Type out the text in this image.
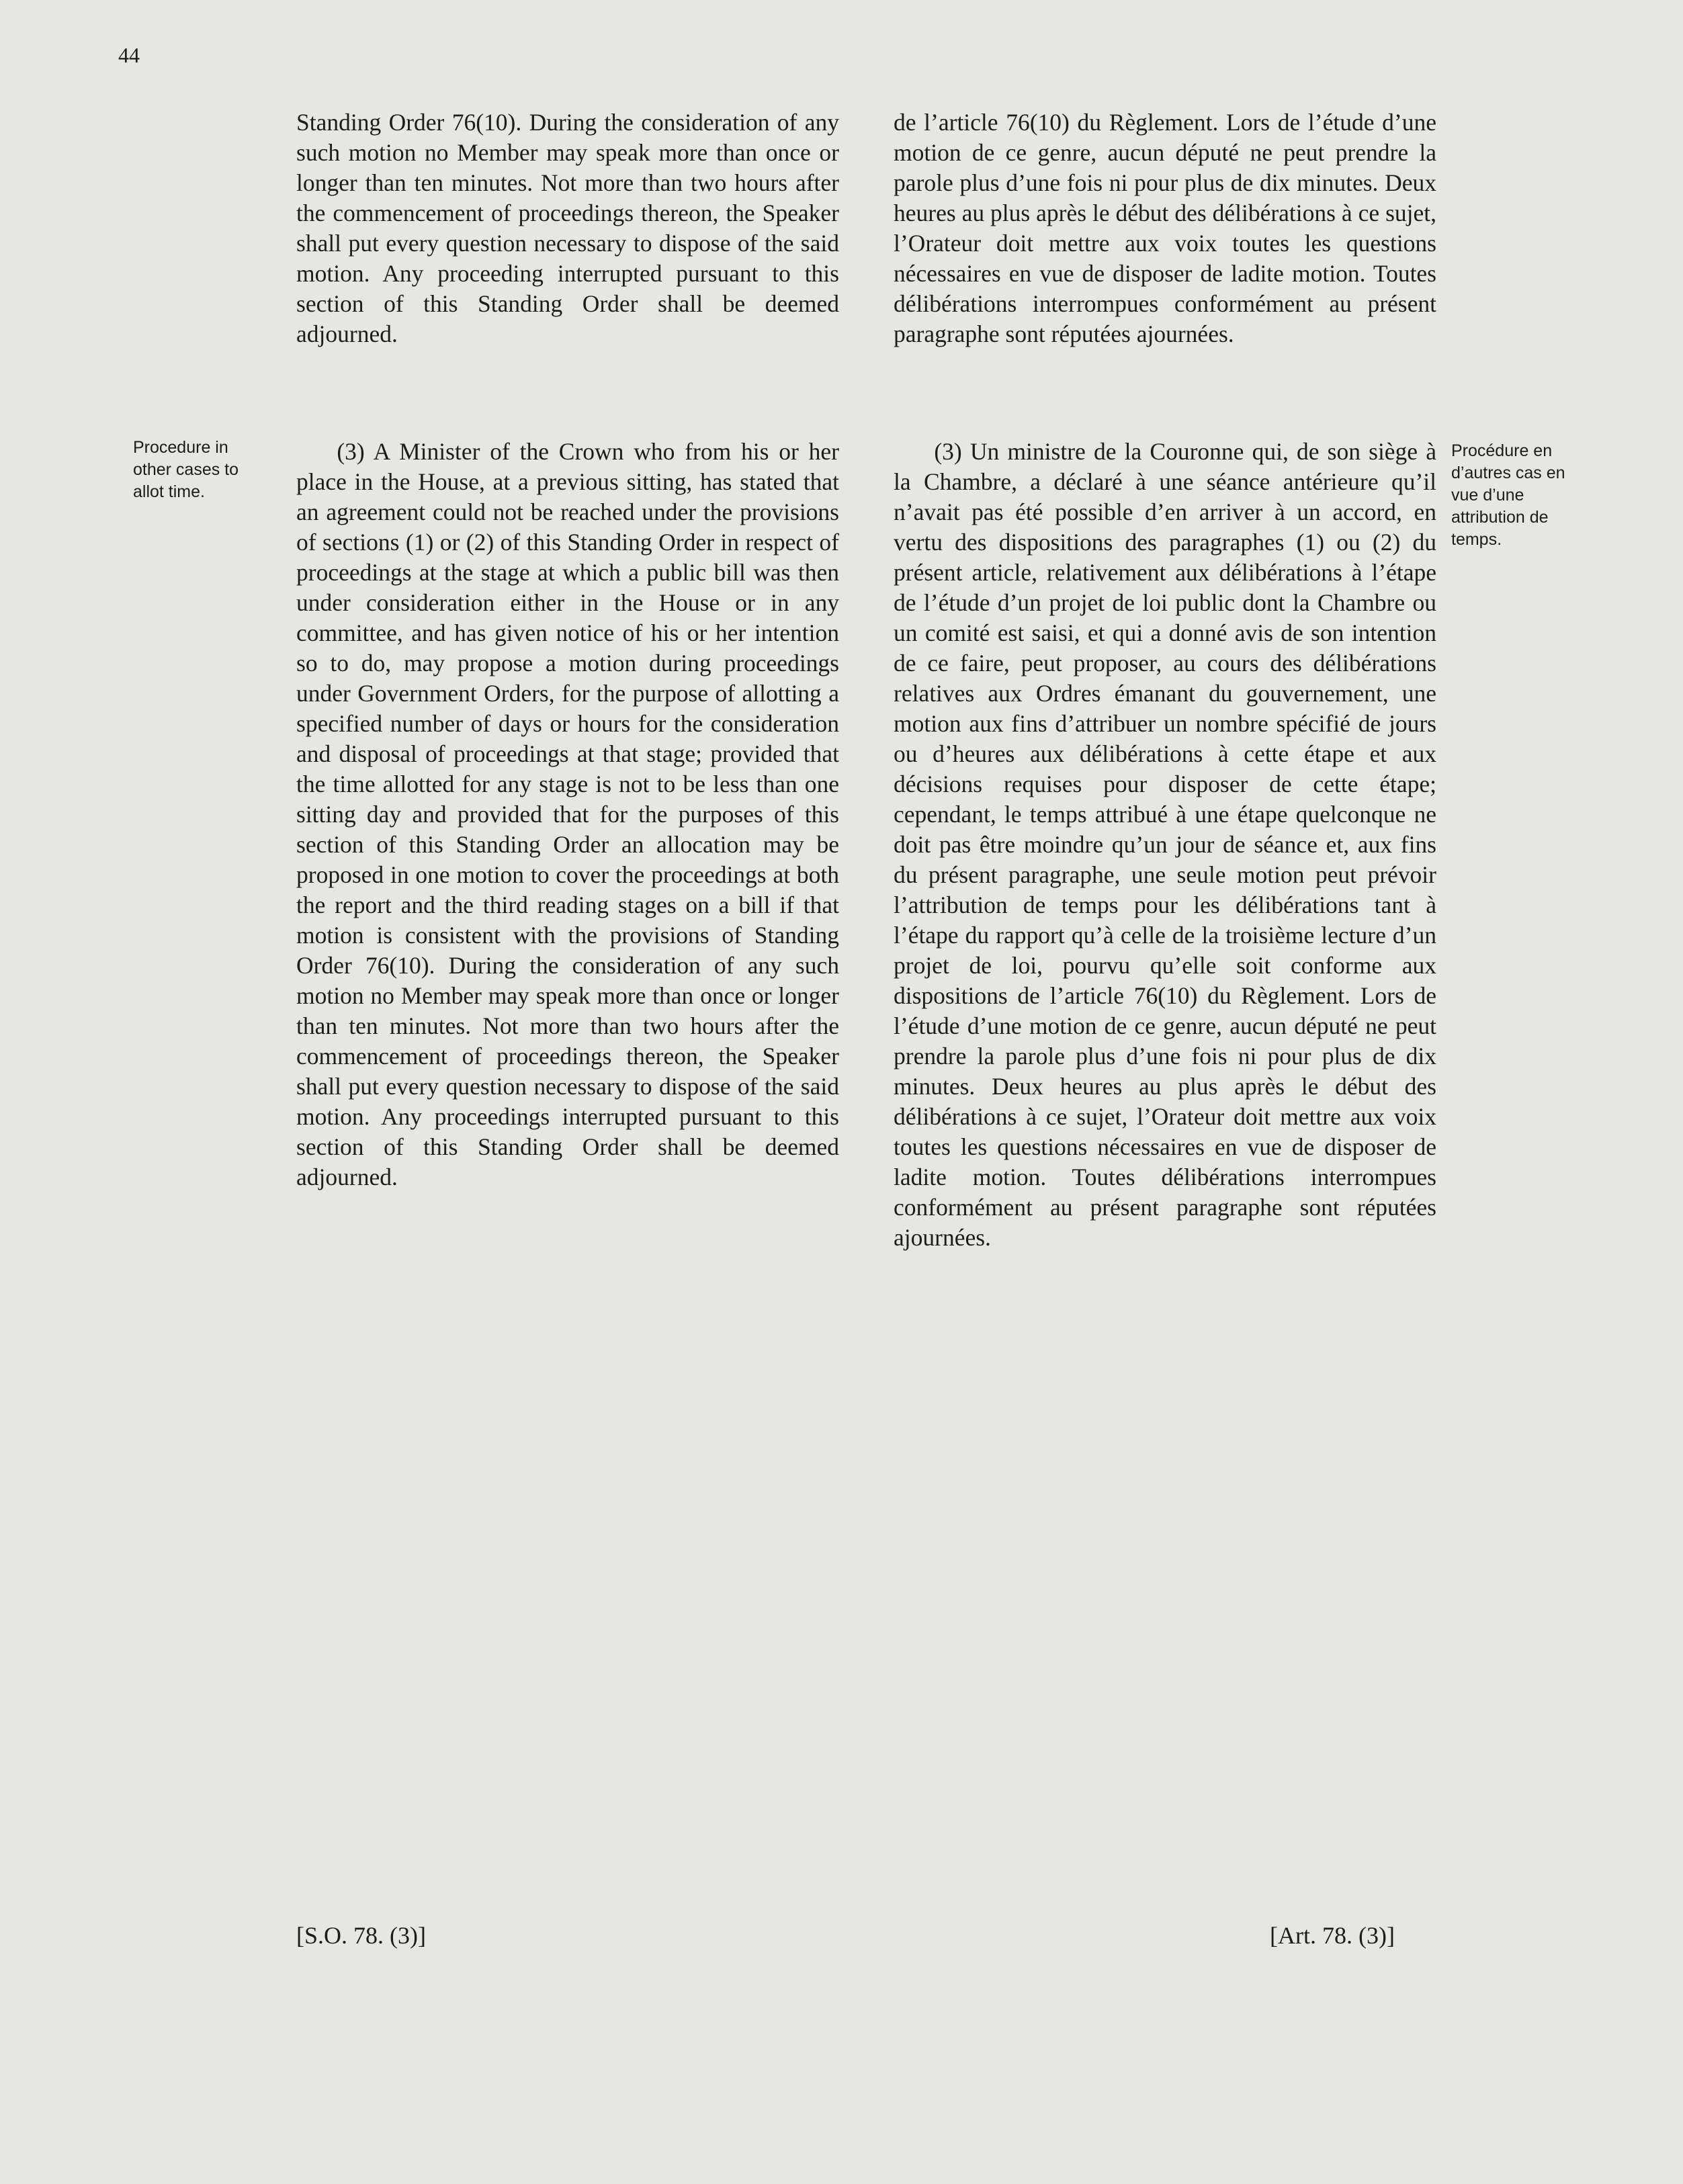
44

Standing Order 76(10). During the consideration of any such motion no Member may speak more than once or longer than ten minutes. Not more than two hours after the commencement of proceedings thereon, the Speaker shall put every question necessary to dispose of the said motion. Any proceeding interrupted pursuant to this section of this Standing Order shall be deemed adjourned.

de l’article 76(10) du Règlement. Lors de l’étude d’une motion de ce genre, aucun député ne peut prendre la parole plus d’une fois ni pour plus de dix minutes. Deux heures au plus après le début des délibérations à ce sujet, l’Orateur doit mettre aux voix toutes les questions nécessaires en vue de disposer de ladite motion. Toutes délibérations interrompues conformément au présent paragraphe sont réputées ajournées.

Procedure in other cases to allot time.

(3) A Minister of the Crown who from his or her place in the House, at a previous sitting, has stated that an agreement could not be reached under the provisions of sections (1) or (2) of this Standing Order in respect of proceedings at the stage at which a public bill was then under consideration either in the House or in any committee, and has given notice of his or her intention so to do, may propose a motion during proceedings under Government Orders, for the purpose of allotting a specified number of days or hours for the consideration and disposal of proceedings at that stage; provided that the time allotted for any stage is not to be less than one sitting day and provided that for the purposes of this section of this Standing Order an allocation may be proposed in one motion to cover the proceedings at both the report and the third reading stages on a bill if that motion is consistent with the provisions of Standing Order 76(10). During the consideration of any such motion no Member may speak more than once or longer than ten minutes. Not more than two hours after the commencement of proceedings thereon, the Speaker shall put every question necessary to dispose of the said motion. Any proceedings interrupted pursuant to this section of this Standing Order shall be deemed adjourned.

(3) Un ministre de la Couronne qui, de son siège à la Chambre, a déclaré à une séance antérieure qu’il n’avait pas été possible d’en arriver à un accord, en vertu des dispositions des paragraphes (1) ou (2) du présent article, relativement aux délibérations à l’étape de l’étude d’un projet de loi public dont la Chambre ou un comité est saisi, et qui a donné avis de son intention de ce faire, peut proposer, au cours des délibérations relatives aux Ordres émanant du gouvernement, une motion aux fins d’attribuer un nombre spécifié de jours ou d’heures aux délibérations à cette étape et aux décisions requises pour disposer de cette étape; cependant, le temps attribué à une étape quelconque ne doit pas être moindre qu’un jour de séance et, aux fins du présent paragraphe, une seule motion peut prévoir l’attribution de temps pour les délibérations tant à l’étape du rapport qu’à celle de la troisième lecture d’un projet de loi, pourvu qu’elle soit conforme aux dispositions de l’article 76(10) du Règlement. Lors de l’étude d’une motion de ce genre, aucun député ne peut prendre la parole plus d’une fois ni pour plus de dix minutes. Deux heures au plus après le début des délibérations à ce sujet, l’Orateur doit mettre aux voix toutes les questions nécessaires en vue de disposer de ladite motion. Toutes délibérations interrompues conformément au présent paragraphe sont réputées ajournées.

Procédure en d’autres cas en vue d’une attribution de temps.
[S.O. 78. (3)]	[Art. 78. (3)]
